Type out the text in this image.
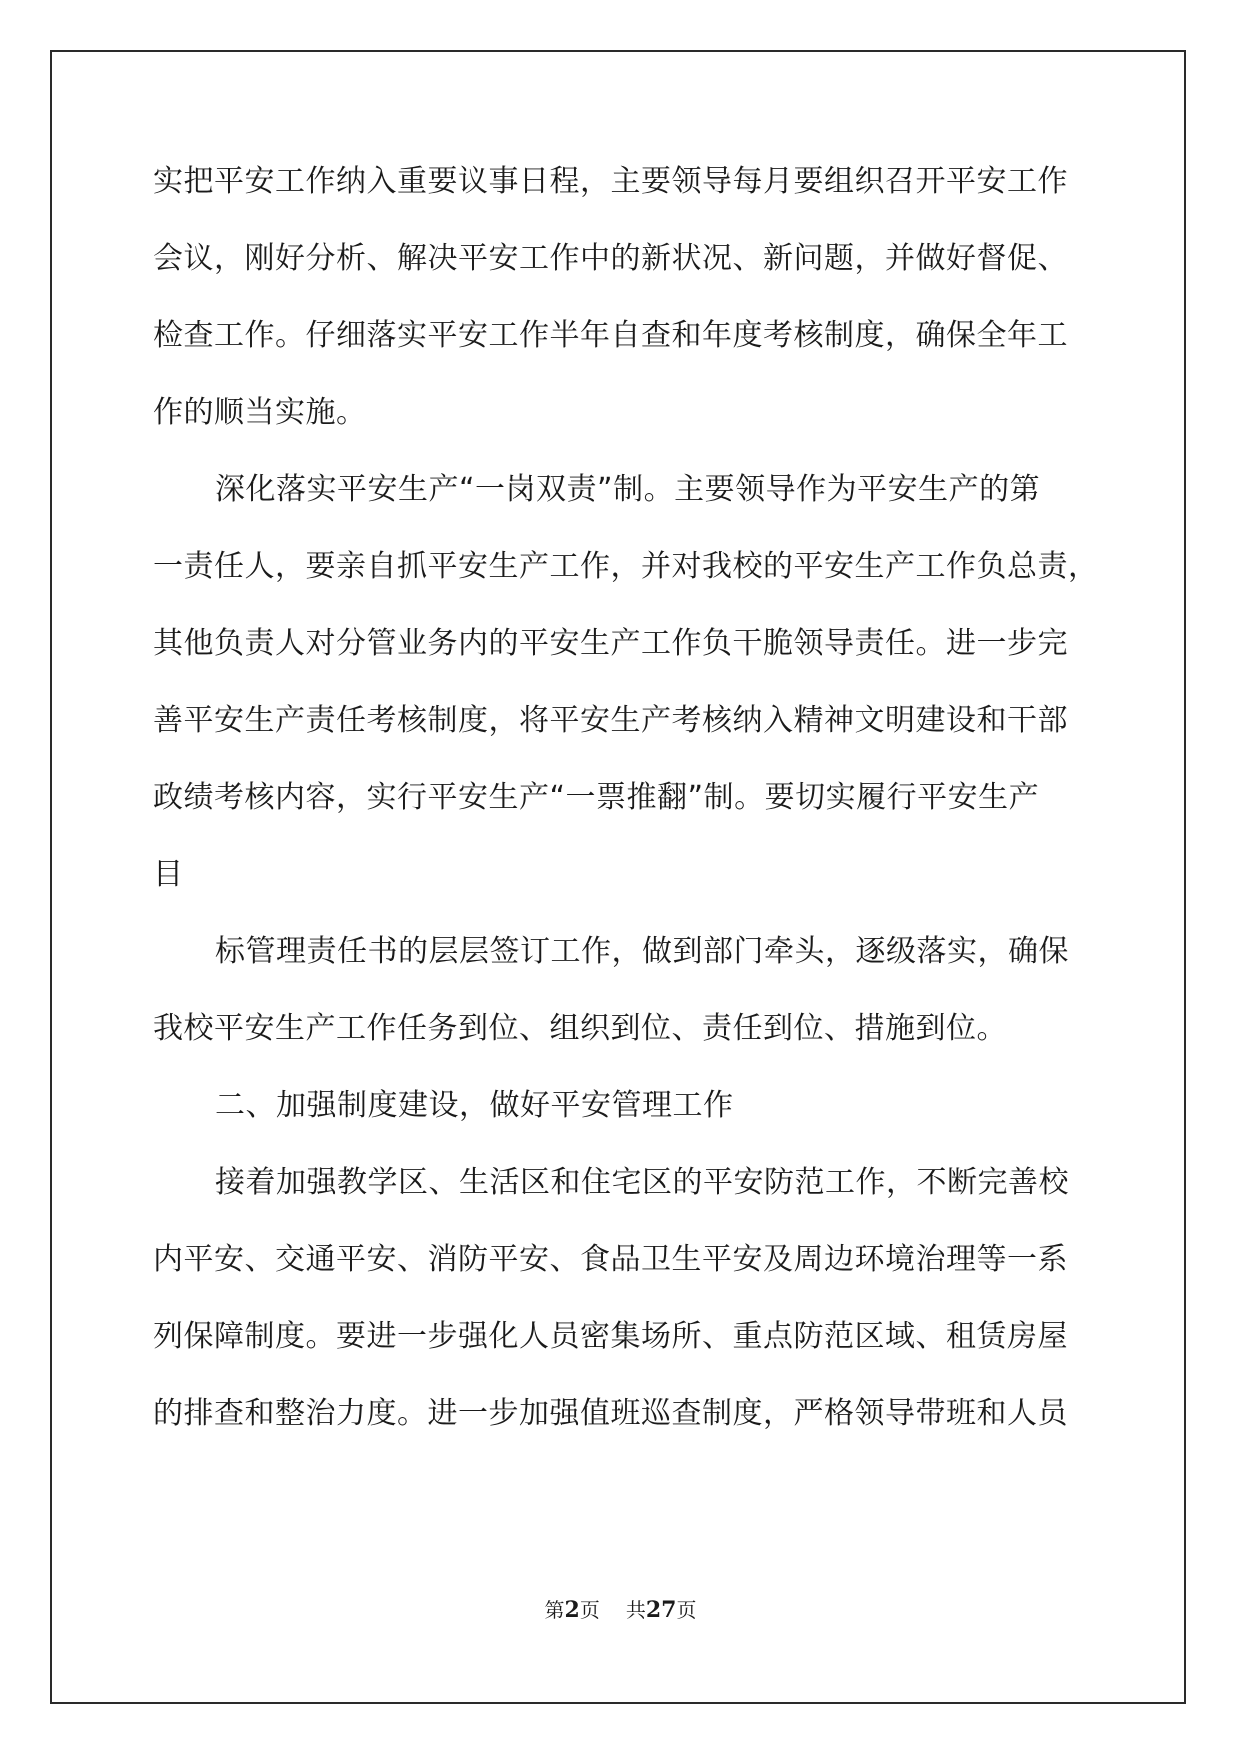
实把平安工作纳入重要议事日程，主要领导每月要组织召开平安工作
会议，刚好分析、解决平安工作中的新状况、新问题，并做好督促、
检查工作。仔细落实平安工作半年自查和年度考核制度，确保全年工
作的顺当实施。
深化落实平安生产“一岗双责”制。主要领导作为平安生产的第
一责任人，要亲自抓平安生产工作，并对我校的平安生产工作负总责，
其他负责人对分管业务内的平安生产工作负干脆领导责任。进一步完
善平安生产责任考核制度，将平安生产考核纳入精神文明建设和干部
政绩考核内容，实行平安生产“一票推翻”制。要切实履行平安生产
目
标管理责任书的层层签订工作，做到部门牵头，逐级落实，确保
我校平安生产工作任务到位、组织到位、责任到位、措施到位。
二、加强制度建设，做好平安管理工作
接着加强教学区、生活区和住宅区的平安防范工作，不断完善校
内平安、交通平安、消防平安、食品卫生平安及周边环境治理等一系
列保障制度。要进一步强化人员密集场所、重点防范区域、租赁房屋
的排查和整治力度。进一步加强值班巡查制度，严格领导带班和人员
第2页 共27页
